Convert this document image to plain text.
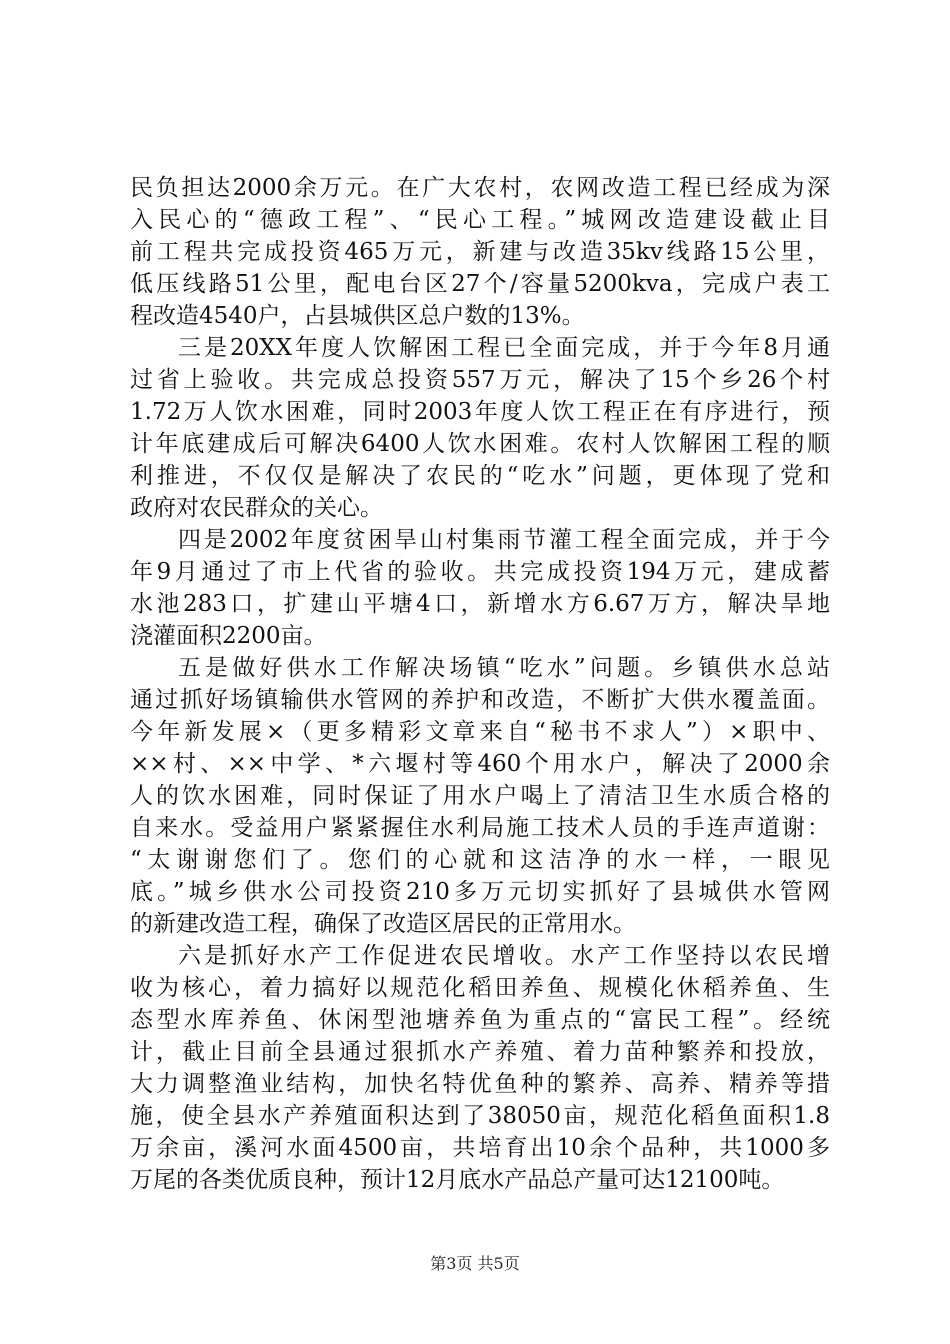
民负担达2000余万元。在广大农村，农网改造工程已经成为深
入民心的“德政工程”、“民心工程。”城网改造建设截止目
前工程共完成投资465万元，新建与改造35kv线路15公里，
低压线路51公里，配电台区27个/容量5200kva，完成户表工
程改造4540户，占县城供区总户数的13%。
三是20XX年度人饮解困工程已全面完成，并于今年8月通
过省上验收。共完成总投资557万元，解决了15个乡26个村
1.72万人饮水困难，同时2003年度人饮工程正在有序进行，预
计年底建成后可解决6400人饮水困难。农村人饮解困工程的顺
利推进，不仅仅是解决了农民的“吃水”问题，更体现了党和
政府对农民群众的关心。
四是2002年度贫困旱山村集雨节灌工程全面完成，并于今
年9月通过了市上代省的验收。共完成投资194万元，建成蓄
水池283口，扩建山平塘4口，新增水方6.67万方，解决旱地
浇灌面积2200亩。
五是做好供水工作解决场镇“吃水”问题。乡镇供水总站
通过抓好场镇输供水管网的养护和改造，不断扩大供水覆盖面。
今年新发展×（更多精彩文章来自“秘书不求人”）×职中、
××村、××中学、*六堰村等460个用水户，解决了2000余
人的饮水困难，同时保证了用水户喝上了清洁卫生水质合格的
自来水。受益用户紧紧握住水利局施工技术人员的手连声道谢：
“太谢谢您们了。您们的心就和这洁净的水一样，一眼见
底。”城乡供水公司投资210多万元切实抓好了县城供水管网
的新建改造工程，确保了改造区居民的正常用水。
六是抓好水产工作促进农民增收。水产工作坚持以农民增
收为核心，着力搞好以规范化稻田养鱼、规模化休稻养鱼、生
态型水库养鱼、休闲型池塘养鱼为重点的“富民工程”。经统
计，截止目前全县通过狠抓水产养殖、着力苗种繁养和投放，
大力调整渔业结构，加快名特优鱼种的繁养、高养、精养等措
施，使全县水产养殖面积达到了38050亩，规范化稻鱼面积1.8
万余亩，溪河水面4500亩，共培育出10余个品种，共1000多
万尾的各类优质良种，预计12月底水产品总产量可达12100吨。
第3页 共5页
